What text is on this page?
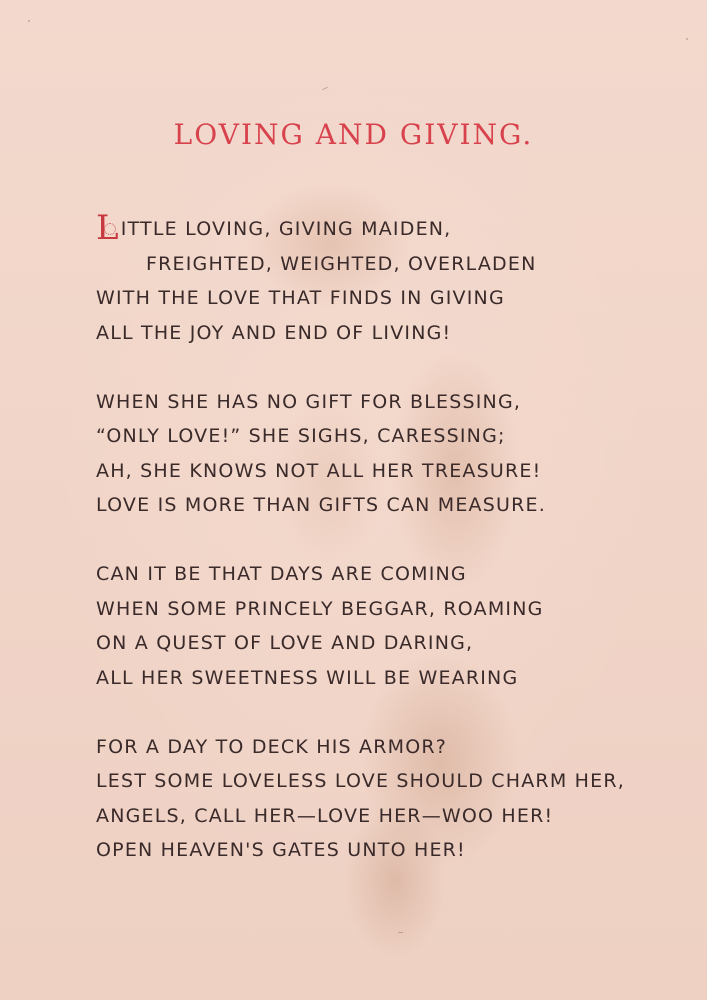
LOVING AND GIVING.
LITTLE LOVING, GIVING MAIDEN,
FREIGHTED, WEIGHTED, OVERLADEN
WITH THE LOVE THAT FINDS IN GIVING
ALL THE JOY AND END OF LIVING!
WHEN SHE HAS NO GIFT FOR BLESSING,
“ONLY LOVE!” SHE SIGHS, CARESSING;
AH, SHE KNOWS NOT ALL HER TREASURE!
LOVE IS MORE THAN GIFTS CAN MEASURE.
CAN IT BE THAT DAYS ARE COMING
WHEN SOME PRINCELY BEGGAR, ROAMING
ON A QUEST OF LOVE AND DARING,
ALL HER SWEETNESS WILL BE WEARING
FOR A DAY TO DECK HIS ARMOR?
LEST SOME LOVELESS LOVE SHOULD CHARM HER,
ANGELS, CALL HER—LOVE HER—WOO HER!
OPEN HEAVEN'S GATES UNTO HER!
